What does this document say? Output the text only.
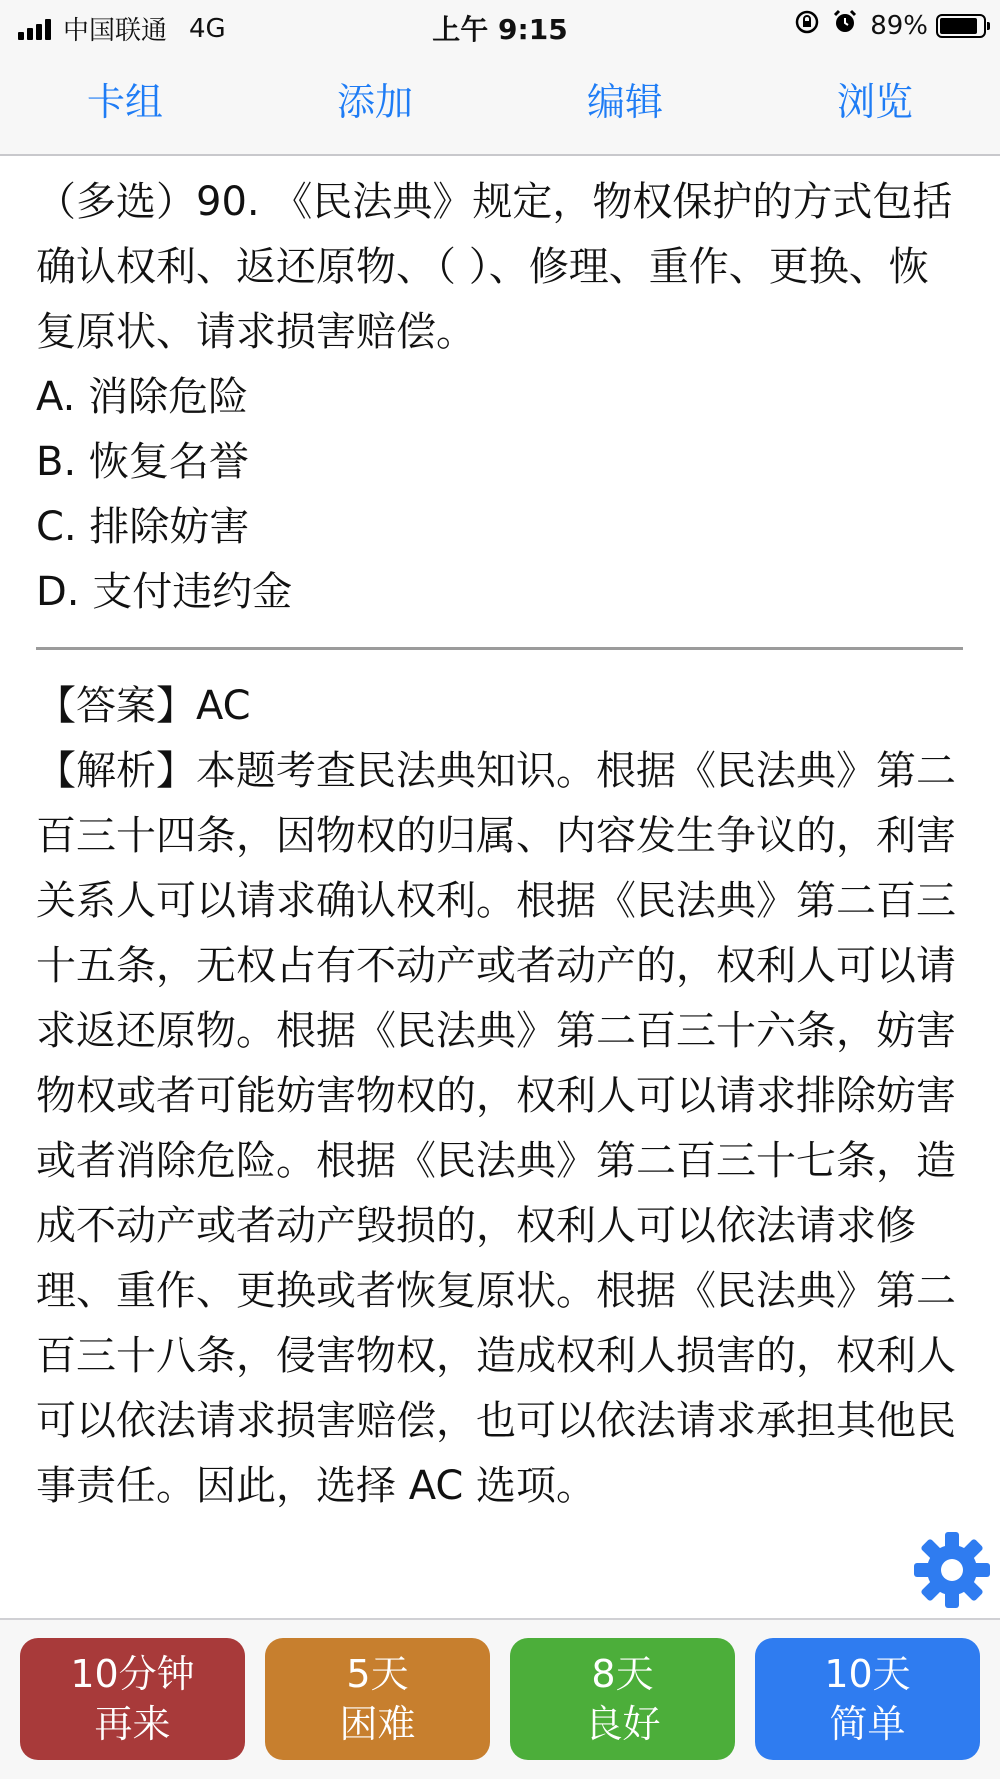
中国联通 4G	上午 9:15	89%
卡组	添加	编辑	浏览

（多选）90. 《民法典》规定，物权保护的方式包括确认权利、返还原物、（ ）、修理、重作、更换、恢复原状、请求损害赔偿。

A. 消除危险

B. 恢复名誉

C. 排除妨害

D. 支付违约金

【答案】AC

【解析】本题考查民法典知识。根据《民法典》第二百三十四条，因物权的归属、内容发生争议的，利害关系人可以请求确认权利。根据《民法典》第二百三十五条，无权占有不动产或者动产的，权利人可以请求返还原物。根据《民法典》第二百三十六条，妨害物权或者可能妨害物权的，权利人可以请求排除妨害或者消除危险。根据《民法典》第二百三十七条，造成不动产或者动产毁损的，权利人可以依法请求修理、重作、更换或者恢复原状。根据《民法典》第二百三十八条，侵害物权，造成权利人损害的，权利人可以依法请求损害赔偿，也可以依法请求承担其他民事责任。因此，选择 AC 选项。

10分钟
再来
5天
困难
8天
良好
10天
简单
